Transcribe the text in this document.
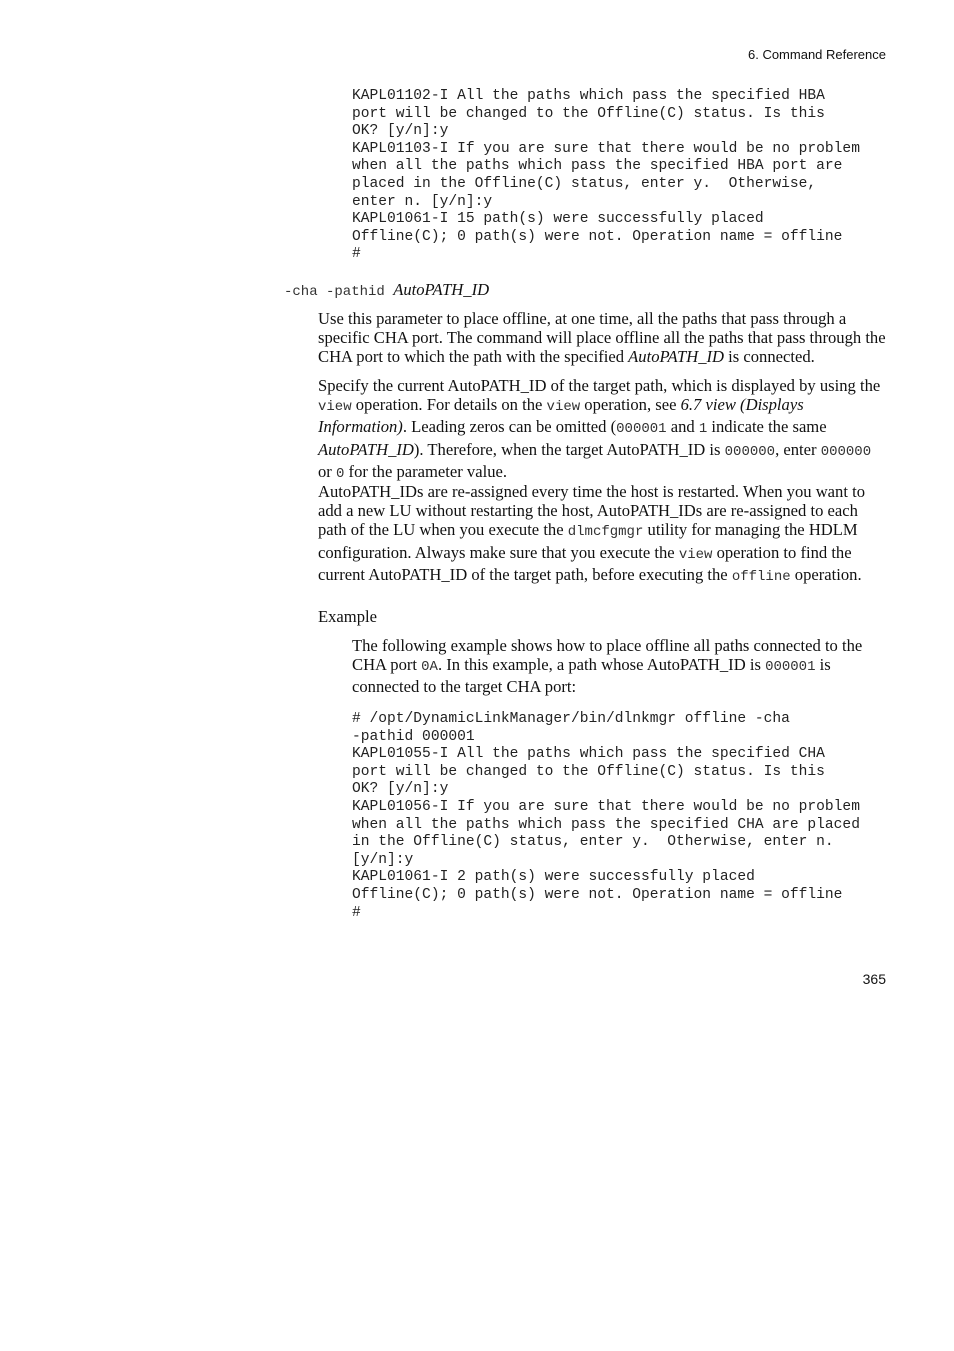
6. Command Reference
KAPL01102-I All the paths which pass the specified HBA
port will be changed to the Offline(C) status. Is this
OK? [y/n]:y
KAPL01103-I If you are sure that there would be no problem
when all the paths which pass the specified HBA port are
placed in the Offline(C) status, enter y.  Otherwise,
enter n. [y/n]:y
KAPL01061-I 15 path(s) were successfully placed
Offline(C); 0 path(s) were not. Operation name = offline
#
-cha -pathid AutoPATH_ID

Use this parameter to place offline, at one time, all the paths that pass through a specific CHA port. The command will place offline all the paths that pass through the CHA port to which the path with the specified AutoPATH_ID is connected.

Specify the current AutoPATH_ID of the target path, which is displayed by using the view operation. For details on the view operation, see 6.7 view (Displays Information). Leading zeros can be omitted (000001 and 1 indicate the same AutoPATH_ID). Therefore, when the target AutoPATH_ID is 000000, enter 000000 or 0 for the parameter value.

AutoPATH_IDs are re-assigned every time the host is restarted. When you want to add a new LU without restarting the host, AutoPATH_IDs are re-assigned to each path of the LU when you execute the dlmcfgmgr utility for managing the HDLM configuration. Always make sure that you execute the view operation to find the current AutoPATH_ID of the target path, before executing the offline operation.

Example

The following example shows how to place offline all paths connected to the CHA port 0A. In this example, a path whose AutoPATH_ID is 000001 is connected to the target CHA port:

# /opt/DynamicLinkManager/bin/dlnkmgr offline -cha
-pathid 000001
KAPL01055-I All the paths which pass the specified CHA
port will be changed to the Offline(C) status. Is this
OK? [y/n]:y
KAPL01056-I If you are sure that there would be no problem
when all the paths which pass the specified CHA are placed
in the Offline(C) status, enter y.  Otherwise, enter n.
[y/n]:y
KAPL01061-I 2 path(s) were successfully placed
Offline(C); 0 path(s) were not. Operation name = offline
#
365
